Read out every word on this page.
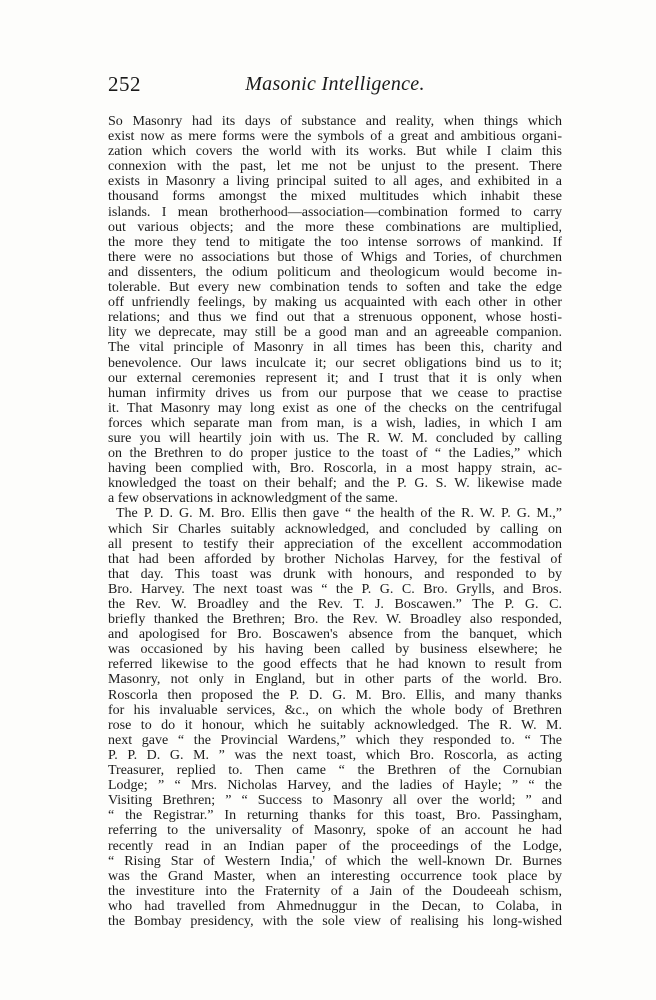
252	Masonic Intelligence.
So Masonry had its days of substance and reality, when things which
exist now as mere forms were the symbols of a great and ambitious organi-
zation which covers the world with its works. But while I claim this
connexion with the past, let me not be unjust to the present. There
exists in Masonry a living principal suited to all ages, and exhibited in a
thousand forms amongst the mixed multitudes which inhabit these
islands. I mean brotherhood—association—combination formed to carry
out various objects; and the more these combinations are multiplied,
the more they tend to mitigate the too intense sorrows of mankind. If
there were no associations but those of Whigs and Tories, of churchmen
and dissenters, the odium politicum and theologicum would become in-
tolerable. But every new combination tends to soften and take the edge
off unfriendly feelings, by making us acquainted with each other in other
relations; and thus we find out that a strenuous opponent, whose hosti-
lity we deprecate, may still be a good man and an agreeable companion.
The vital principle of Masonry in all times has been this, charity and
benevolence. Our laws inculcate it; our secret obligations bind us to it;
our external ceremonies represent it; and I trust that it is only when
human infirmity drives us from our purpose that we cease to practise
it. That Masonry may long exist as one of the checks on the centrifugal
forces which separate man from man, is a wish, ladies, in which I am
sure you will heartily join with us. The R. W. M. concluded by calling
on the Brethren to do proper justice to the toast of “ the Ladies,” which
having been complied with, Bro. Roscorla, in a most happy strain, ac-
knowledged the toast on their behalf; and the P. G. S. W. likewise made
a few observations in acknowledgment of the same.
The P. D. G. M. Bro. Ellis then gave “ the health of the R. W. P. G. M.,”
which Sir Charles suitably acknowledged, and concluded by calling on
all present to testify their appreciation of the excellent accommodation
that had been afforded by brother Nicholas Harvey, for the festival of
that day. This toast was drunk with honours, and responded to by
Bro. Harvey. The next toast was “ the P. G. C. Bro. Grylls, and Bros.
the Rev. W. Broadley and the Rev. T. J. Boscawen.” The P. G. C.
briefly thanked the Brethren; Bro. the Rev. W. Broadley also responded,
and apologised for Bro. Boscawen's absence from the banquet, which
was occasioned by his having been called by business elsewhere; he
referred likewise to the good effects that he had known to result from
Masonry, not only in England, but in other parts of the world. Bro.
Roscorla then proposed the P. D. G. M. Bro. Ellis, and many thanks
for his invaluable services, &c., on which the whole body of Brethren
rose to do it honour, which he suitably acknowledged. The R. W. M.
next gave “ the Provincial Wardens,” which they responded to. “ The
P. P. D. G. M. ” was the next toast, which Bro. Roscorla, as acting
Treasurer, replied to. Then came “ the Brethren of the Cornubian
Lodge; ” “ Mrs. Nicholas Harvey, and the ladies of Hayle; ” “ the
Visiting Brethren; ” “ Success to Masonry all over the world; ” and
“ the Registrar.” In returning thanks for this toast, Bro. Passingham,
referring to the universality of Masonry, spoke of an account he had
recently read in an Indian paper of the proceedings of the Lodge,
“ Rising Star of Western India,' of which the well-known Dr. Burnes
was the Grand Master, when an interesting occurrence took place by
the investiture into the Fraternity of a Jain of the Doudeeah schism,
who had travelled from Ahmednuggur in the Decan, to Colaba, in
the Bombay presidency, with the sole view of realising his long-wished
